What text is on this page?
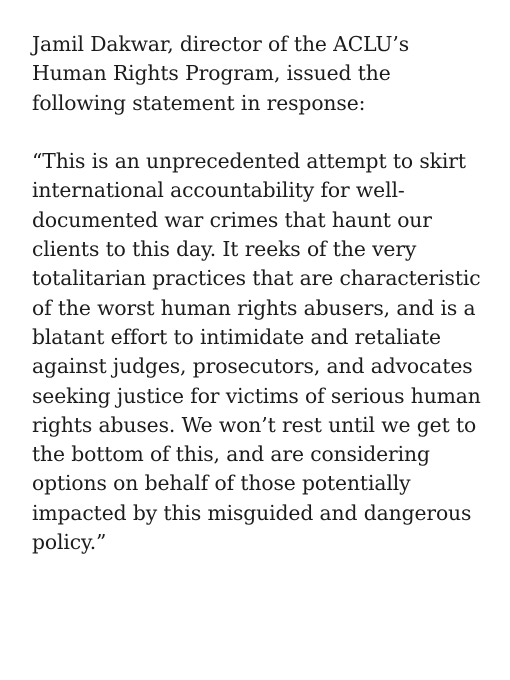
Jamil Dakwar, director of the ACLU’s
Human Rights Program, issued the
following statement in response:

“This is an unprecedented attempt to skirt
international accountability for well-
documented war crimes that haunt our
clients to this day. It reeks of the very
totalitarian practices that are characteristic
of the worst human rights abusers, and is a
blatant effort to intimidate and retaliate
against judges, prosecutors, and advocates
seeking justice for victims of serious human
rights abuses. We won’t rest until we get to
the bottom of this, and are considering
options on behalf of those potentially
impacted by this misguided and dangerous
policy.”
